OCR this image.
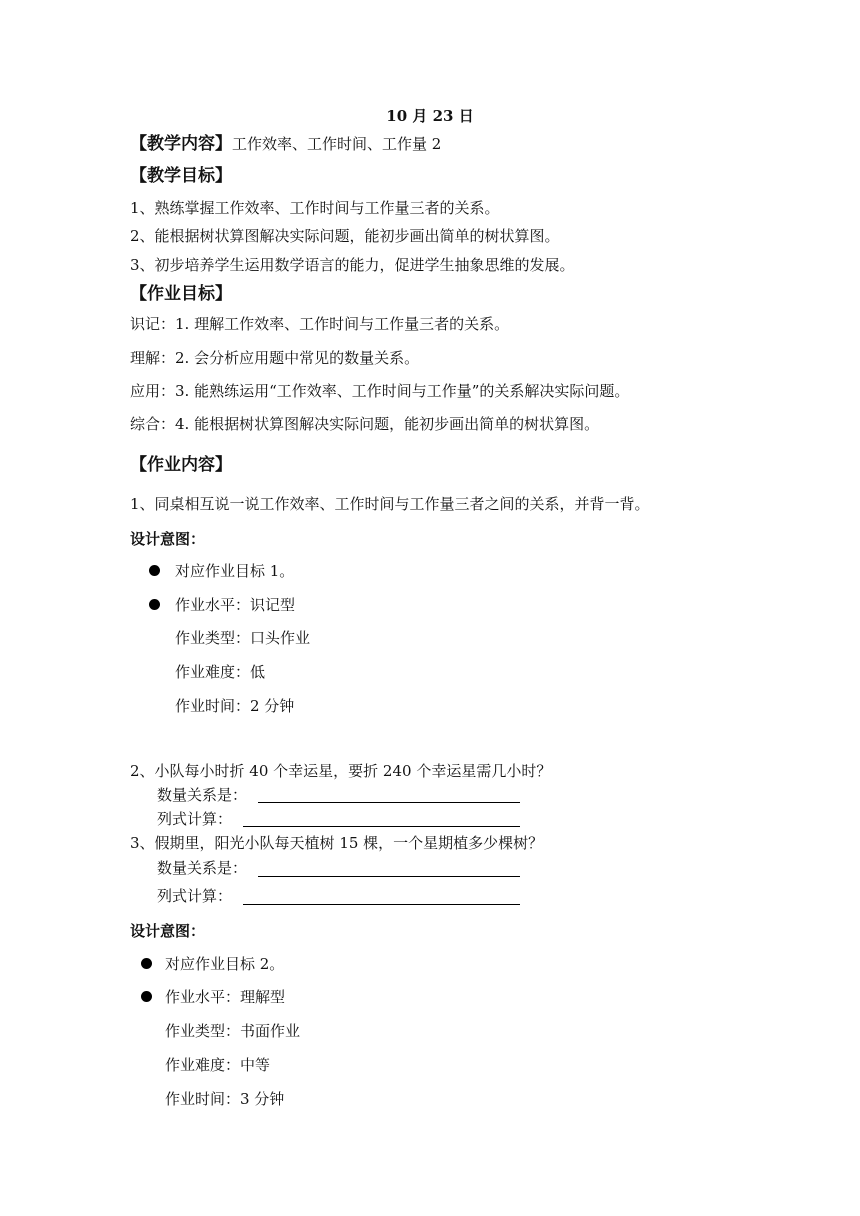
10 月 23 日
【教学内容】工作效率、工作时间、工作量 2
【教学目标】
1、熟练掌握工作效率、工作时间与工作量三者的关系。
2、能根据树状算图解决实际问题，能初步画出简单的树状算图。
3、初步培养学生运用数学语言的能力，促进学生抽象思维的发展。
【作业目标】
识记：1. 理解工作效率、工作时间与工作量三者的关系。
理解：2. 会分析应用题中常见的数量关系。
应用：3. 能熟练运用“工作效率、工作时间与工作量”的关系解决实际问题。
综合：4. 能根据树状算图解决实际问题，能初步画出简单的树状算图。
【作业内容】
1、同桌相互说一说工作效率、工作时间与工作量三者之间的关系，并背一背。
设计意图：
对应作业目标 1。
作业水平：识记型
作业类型：口头作业
作业难度：低
作业时间：2 分钟
2、小队每小时折 40 个幸运星，要折 240 个幸运星需几小时？
数量关系是：
列式计算：
3、假期里，阳光小队每天植树 15 棵，一个星期植多少棵树？
数量关系是：
列式计算：
设计意图：
对应作业目标 2。
作业水平：理解型
作业类型：书面作业
作业难度：中等
作业时间：3 分钟
